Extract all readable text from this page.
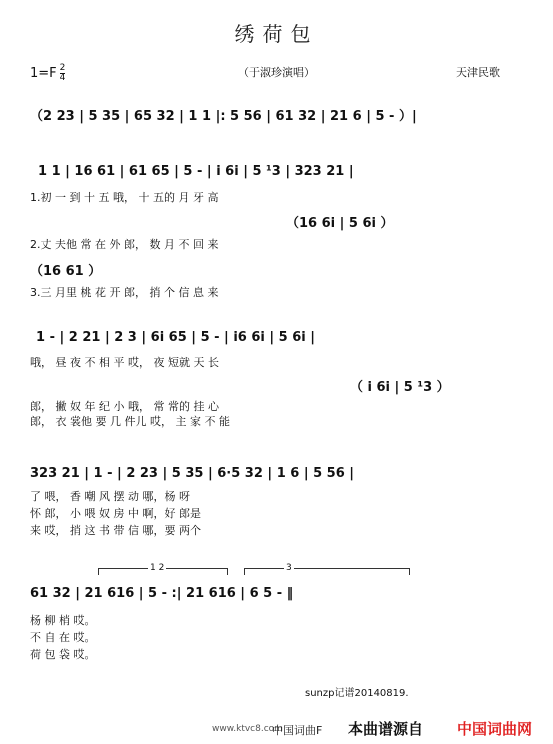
绣荷包
$1=F \frac{2}{4}$	（于淑珍演唱）	天津民歌
（2 23 | 5 35 | 65 32 | 1 1 |: 5 56 | 61 32 | 21 6 | 5 - ）|
1 1 | 16 61 | 61 65 | 5 - | i 6i | 5 ¹3 | 323 21 |
1.初 一 到 十 五 哦， 十 五的 月 牙 高
（16 6i | 5 6i ）
2.丈 夫他 常 在 外 郎， 数 月 不 回 来
（16 61 ）
3.三 月里 桃 花 开 郎， 捎 个 信 息 来
1 - | 2 21 | 2 3 | 6i 65 | 5 - | i6 6i | 5 6i |
哦， 昼 夜 不 相 平 哎， 夜 短就 天 长
（ i 6i | 5 ¹3 ）
郎， 撇 奴 年 纪 小 哦， 常 常的 挂 心
郎， 衣 裳他 要 几 件儿 哎， 主 家 不 能
323 21 | 1 - | 2 23 | 5 35 | 6·5 32 | 1 6 | 5 56 |
了 喂， 香 嘲 风 摆 动 哪，杨 呀
怀 郎， 小 喂 奴 房 中 啊，好 郎是
来 哎， 捎 这 书 带 信 哪，要 两个
1 2	3
61 32 | 21 616 | 5 - :| 21 616 | 6 5 - ‖
杨 柳 梢 哎。
不 自 在 哎。
荷 包 袋 哎。
sunzp记谱20140819.
www.ktvc8.com
中国词曲F 本曲谱源自 中国词曲网
